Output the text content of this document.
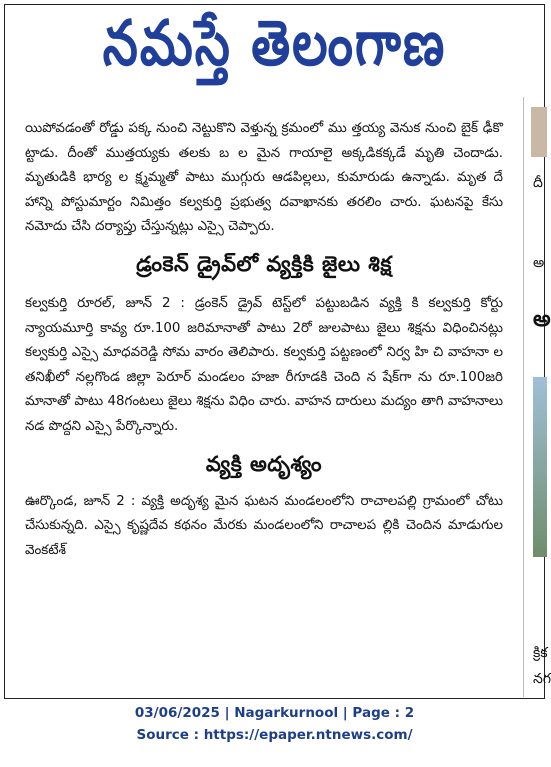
నమస్తే తెలంగాణ

యిపోవడంతో రోడ్డు పక్క నుంచి నెట్టుకొని వెళ్తున్న క్రమంలో ము త్తయ్య వెనుక నుంచి బైక్ ఢీకొ ట్టాడు. దీంతో ముత్తయ్యకు తలకు బ ల మైన గాయాలై అక్కడికక్కడే మృతి చెందాడు. మృతుడికి భార్య ల క్ష్మమ్మతో పాటు ముగ్గురు ఆడపిల్లలు, కుమారుడు ఉన్నాడు. మృత దే హాన్ని పోస్టుమార్టం నిమిత్తం కల్వకుర్తి ప్రభుత్వ దవాఖానకు తరలిం చారు. ఘటనపై కేసు నమోదు చేసి దర్యాప్తు చేస్తున్నట్లు ఎస్సై చెప్పారు.

డ్రంకెన్ డ్రైవ్‌లో వ్యక్తికి జైలు శిక్ష

కల్వకుర్తి రూరల్, జూన్ 2 : డ్రంకెన్ డ్రైవ్ టెస్ట్‌లో పట్టుబడిన వ్యక్తి కి కల్వకుర్తి కోర్టు న్యాయమూర్తి కావ్య రూ.100 జరిమానాతో పాటు 2రో జులపాటు జైలు శిక్షను విధించినట్లు కల్వకుర్తి ఎస్సై మాధవరెడ్డి సోమ వారం తెలిపారు. కల్వకుర్తి పట్టణంలో నిర్వ హి చి వాహనా ల తనిఖీలో నల్లగొండ జిల్లా పెరూర్ మండలం హజా రీ‌గూడకి చెంది న షేక్‌గా ను రూ.100జరి మానాతో పాటు 48గంటలు జైలు శిక్షను విధిం చారు. వాహన దారులు మద్యం తాగి వాహనాలు నడ పొద్దని ఎస్సై పేర్కొన్నారు.

వ్యక్తి అదృశ్యం

ఊర్కొండ, జూన్ 2 : వ్యక్తి అదృశ్య మైన ఘటన మండలంలోని రాచాలపల్లి గ్రామంలో చోటు చేసుకున్నది. ఎస్సై కృష్ణదేవ కథనం మేరకు మండలంలోని రాచాలప ల్లికి చెందిన మాడుగుల వెంకటేశ్

దీ
అ
అ
క్రిక
నగ
03/06/2025 | Nagarkurnool | Page : 2
Source : https://epaper.ntnews.com/
